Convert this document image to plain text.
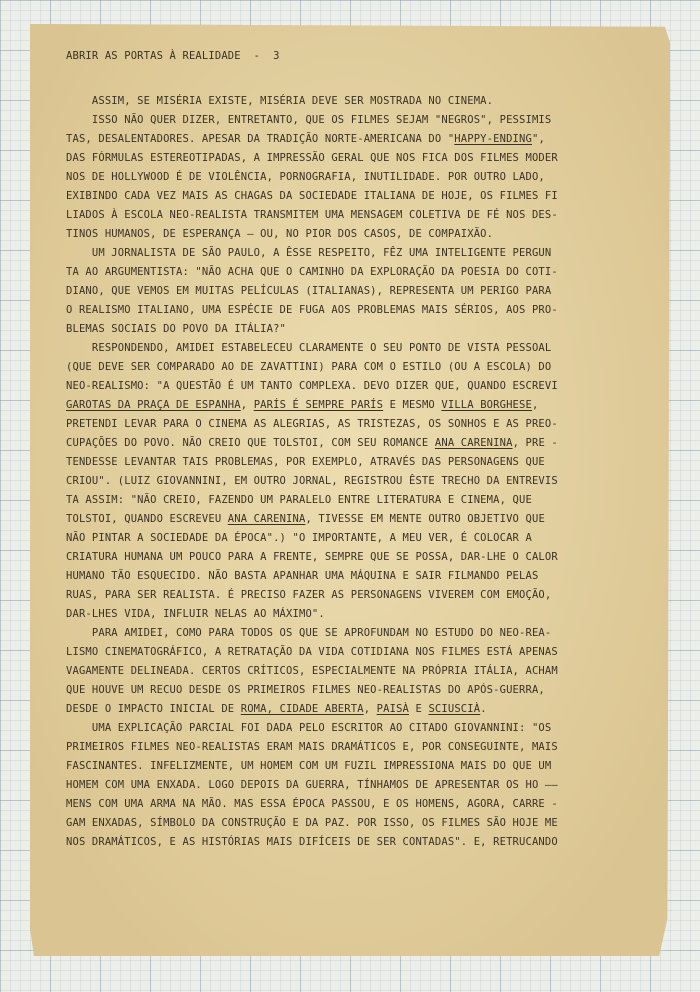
ABRIR AS PORTAS À REALIDADE  -  3
ASSIM, SE MISÉRIA EXISTE, MISÉRIA DEVE SER MOSTRADA NO CINEMA.
ISSO NÃO QUER DIZER, ENTRETANTO, QUE OS FILMES SEJAM "NEGROS", PESSIMIS
TAS, DESALENTADORES. APESAR DA TRADIÇÃO NORTE-AMERICANA DO "HAPPY-ENDING",
DAS FÓRMULAS ESTEREOTIPADAS, A IMPRESSÃO GERAL QUE NOS FICA DOS FILMES MODER
NOS DE HOLLYWOOD É DE VIOLÊNCIA, PORNOGRAFIA, INUTILIDADE. POR OUTRO LADO,
EXIBINDO CADA VEZ MAIS AS CHAGAS DA SOCIEDADE ITALIANA DE HOJE, OS FILMES FI
LIADOS À ESCOLA NEO-REALISTA TRANSMITEM UMA MENSAGEM COLETIVA DE FÉ NOS DES-
TINOS HUMANOS, DE ESPERANÇA — OU, NO PIOR DOS CASOS, DE COMPAIXÃO.
UM JORNALISTA DE SÃO PAULO, A ÊSSE RESPEITO, FÊZ UMA INTELIGENTE PERGUN
TA AO ARGUMENTISTA: "NÃO ACHA QUE O CAMINHO DA EXPLORAÇÃO DA POESIA DO COTI-
DIANO, QUE VEMOS EM MUITAS PELÍCULAS (ITALIANAS), REPRESENTA UM PERIGO PARA
O REALISMO ITALIANO, UMA ESPÉCIE DE FUGA AOS PROBLEMAS MAIS SÉRIOS, AOS PRO-
BLEMAS SOCIAIS DO POVO DA ITÁLIA?"
RESPONDENDO, AMIDEI ESTABELECEU CLARAMENTE O SEU PONTO DE VISTA PESSOAL
(QUE DEVE SER COMPARADO AO DE ZAVATTINI) PARA COM O ESTILO (OU A ESCOLA) DO
NEO-REALISMO: "A QUESTÃO É UM TANTO COMPLEXA. DEVO DIZER QUE, QUANDO ESCREVI
GAROTAS DA PRAÇA DE ESPANHA, PARÍS É SEMPRE PARÍS E MESMO VILLA BORGHESE,
PRETENDI LEVAR PARA O CINEMA AS ALEGRIAS, AS TRISTEZAS, OS SONHOS E AS PREO-
CUPAÇÕES DO POVO. NÃO CREIO QUE TOLSTOI, COM SEU ROMANCE ANA CARENINA, PRE -
TENDESSE LEVANTAR TAIS PROBLEMAS, POR EXEMPLO, ATRAVÉS DAS PERSONAGENS QUE
CRIOU". (LUIZ GIOVANNINI, EM OUTRO JORNAL, REGISTROU ÊSTE TRECHO DA ENTREVIS
TA ASSIM: "NÃO CREIO, FAZENDO UM PARALELO ENTRE LITERATURA E CINEMA, QUE
TOLSTOI, QUANDO ESCREVEU ANA CARENINA, TIVESSE EM MENTE OUTRO OBJETIVO QUE
NÃO PINTAR A SOCIEDADE DA ÉPOCA".) "O IMPORTANTE, A MEU VER, É COLOCAR A
CRIATURA HUMANA UM POUCO PARA A FRENTE, SEMPRE QUE SE POSSA, DAR-LHE O CALOR
HUMANO TÃO ESQUECIDO. NÃO BASTA APANHAR UMA MÁQUINA E SAIR FILMANDO PELAS
RUAS, PARA SER REALISTA. É PRECISO FAZER AS PERSONAGENS VIVEREM COM EMOÇÃO,
DAR-LHES VIDA, INFLUIR NELAS AO MÁXIMO".
PARA AMIDEI, COMO PARA TODOS OS QUE SE APROFUNDAM NO ESTUDO DO NEO-REA-
LISMO CINEMATOGRÁFICO, A RETRATAÇÃO DA VIDA COTIDIANA NOS FILMES ESTÁ APENAS
VAGAMENTE DELINEADA. CERTOS CRÍTICOS, ESPECIALMENTE NA PRÓPRIA ITÁLIA, ACHAM
QUE HOUVE UM RECUO DESDE OS PRIMEIROS FILMES NEO-REALISTAS DO APÓS-GUERRA,
DESDE O IMPACTO INICIAL DE ROMA, CIDADE ABERTA, PAISÀ E SCIUSCIÀ.
UMA EXPLICAÇÃO PARCIAL FOI DADA PELO ESCRITOR AO CITADO GIOVANNINI: "OS
PRIMEIROS FILMES NEO-REALISTAS ERAM MAIS DRAMÁTICOS E, POR CONSEGUINTE, MAIS
FASCINANTES. INFELIZMENTE, UM HOMEM COM UM FUZIL IMPRESSIONA MAIS DO QUE UM
HOMEM COM UMA ENXADA. LOGO DEPOIS DA GUERRA, TÍNHAMOS DE APRESENTAR OS HO ——
MENS COM UMA ARMA NA MÃO. MAS ESSA ÉPOCA PASSOU, E OS HOMENS, AGORA, CARRE -
GAM ENXADAS, SÍMBOLO DA CONSTRUÇÃO E DA PAZ. POR ISSO, OS FILMES SÃO HOJE ME
NOS DRAMÁTICOS, E AS HISTÓRIAS MAIS DIFÍCEIS DE SER CONTADAS". E, RETRUCANDO
